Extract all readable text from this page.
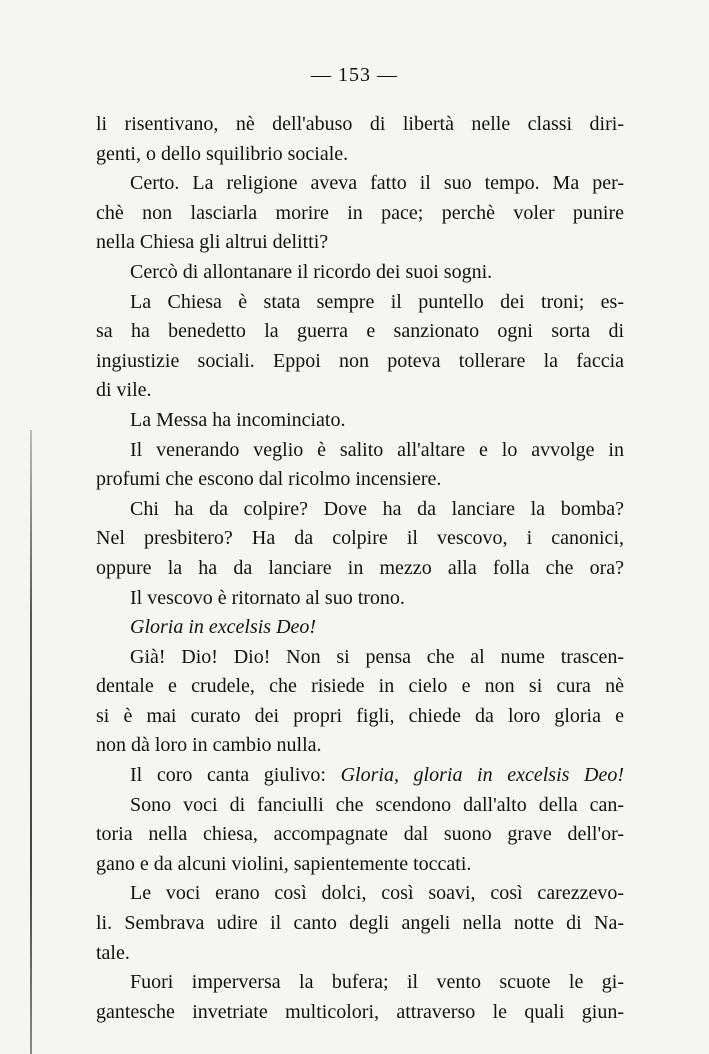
— 153 —
li risentivano, nè dell'abuso di libertà nelle classi diri-
genti, o dello squilibrio sociale.
Certo. La religione aveva fatto il suo tempo. Ma per-
chè non lasciarla morire in pace; perchè voler punire
nella Chiesa gli altrui delitti?
Cercò di allontanare il ricordo dei suoi sogni.
La Chiesa è stata sempre il puntello dei troni; es-
sa ha benedetto la guerra e sanzionato ogni sorta di
ingiustizie sociali. Eppoi non poteva tollerare la faccia
di vile.
La Messa ha incominciato.
Il venerando veglio è salito all'altare e lo avvolge in
profumi che escono dal ricolmo incensiere.
Chi ha da colpire? Dove ha da lanciare la bomba?
Nel presbitero? Ha da colpire il vescovo, i canonici,
oppure la ha da lanciare in mezzo alla folla che ora?
Il vescovo è ritornato al suo trono.
Gloria in excelsis Deo!
Già! Dio! Dio! Non si pensa che al nume trascen-
dentale e crudele, che risiede in cielo e non si cura nè
si è mai curato dei propri figli, chiede da loro gloria e
non dà loro in cambio nulla.
Il coro canta giulivo: Gloria, gloria in excelsis Deo!
Sono voci di fanciulli che scendono dall'alto della can-
toria nella chiesa, accompagnate dal suono grave dell'or-
gano e da alcuni violini, sapientemente toccati.
Le voci erano così dolci, così soavi, così carezzevo-
li. Sembrava udire il canto degli angeli nella notte di Na-
tale.
Fuori imperversa la bufera; il vento scuote le gi-
gantesche invetriate multicolori, attraverso le quali giun-
